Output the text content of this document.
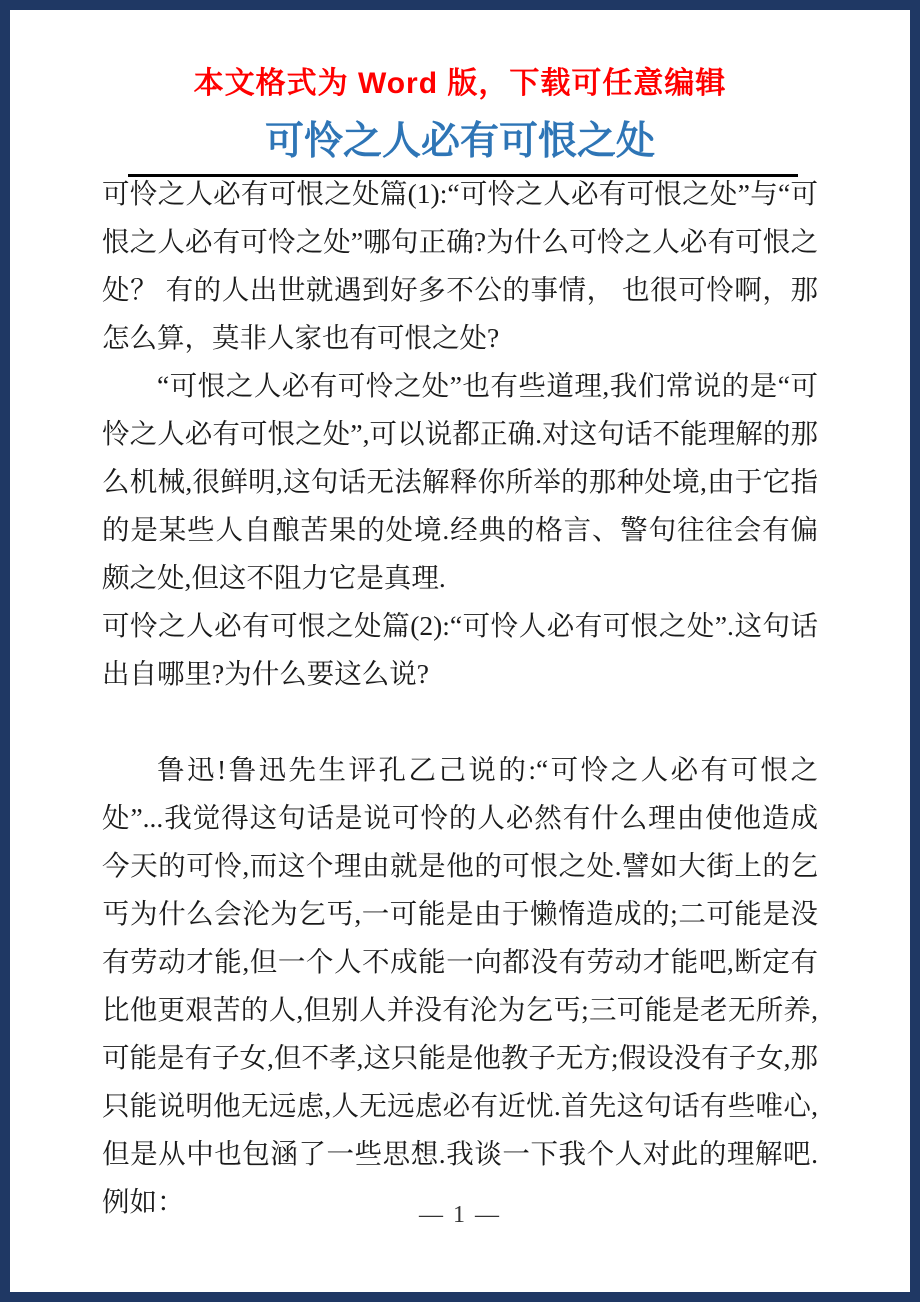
本文格式为 Word 版，下载可任意编辑
可怜之人必有可恨之处

可怜之人必有可恨之处篇(1):“可怜之人必有可恨之处”与“可恨之人必有可怜之处”哪句正确?为什么可怜之人必有可恨之处？ 有的人出世就遇到好多不公的事情， 也很可怜啊，那怎么算，莫非人家也有可恨之处?

“可恨之人必有可怜之处”也有些道理,我们常说的是“可怜之人必有可恨之处”,可以说都正确.对这句话不能理解的那么机械,很鲜明,这句话无法解释你所举的那种处境,由于它指的是某些人自酿苦果的处境.经典的格言、警句往往会有偏颇之处,但这不阻力它是真理.

可怜之人必有可恨之处篇(2):“可怜人必有可恨之处”.这句话出自哪里?为什么要这么说?

鲁迅!鲁迅先生评孔乙己说的:“可怜之人必有可恨之处”...我觉得这句话是说可怜的人必然有什么理由使他造成今天的可怜,而这个理由就是他的可恨之处.譬如大街上的乞丐为什么会沦为乞丐,一可能是由于懒惰造成的;二可能是没有劳动才能,但一个人不成能一向都没有劳动才能吧,断定有比他更艰苦的人,但别人并没有沦为乞丐;三可能是老无所养,可能是有子女,但不孝,这只能是他教子无方;假设没有子女,那只能说明他无远虑,人无远虑必有近忧.首先这句话有些唯心,但是从中也包涵了一些思想.我谈一下我个人对此的理解吧.例如：	— 1 —
